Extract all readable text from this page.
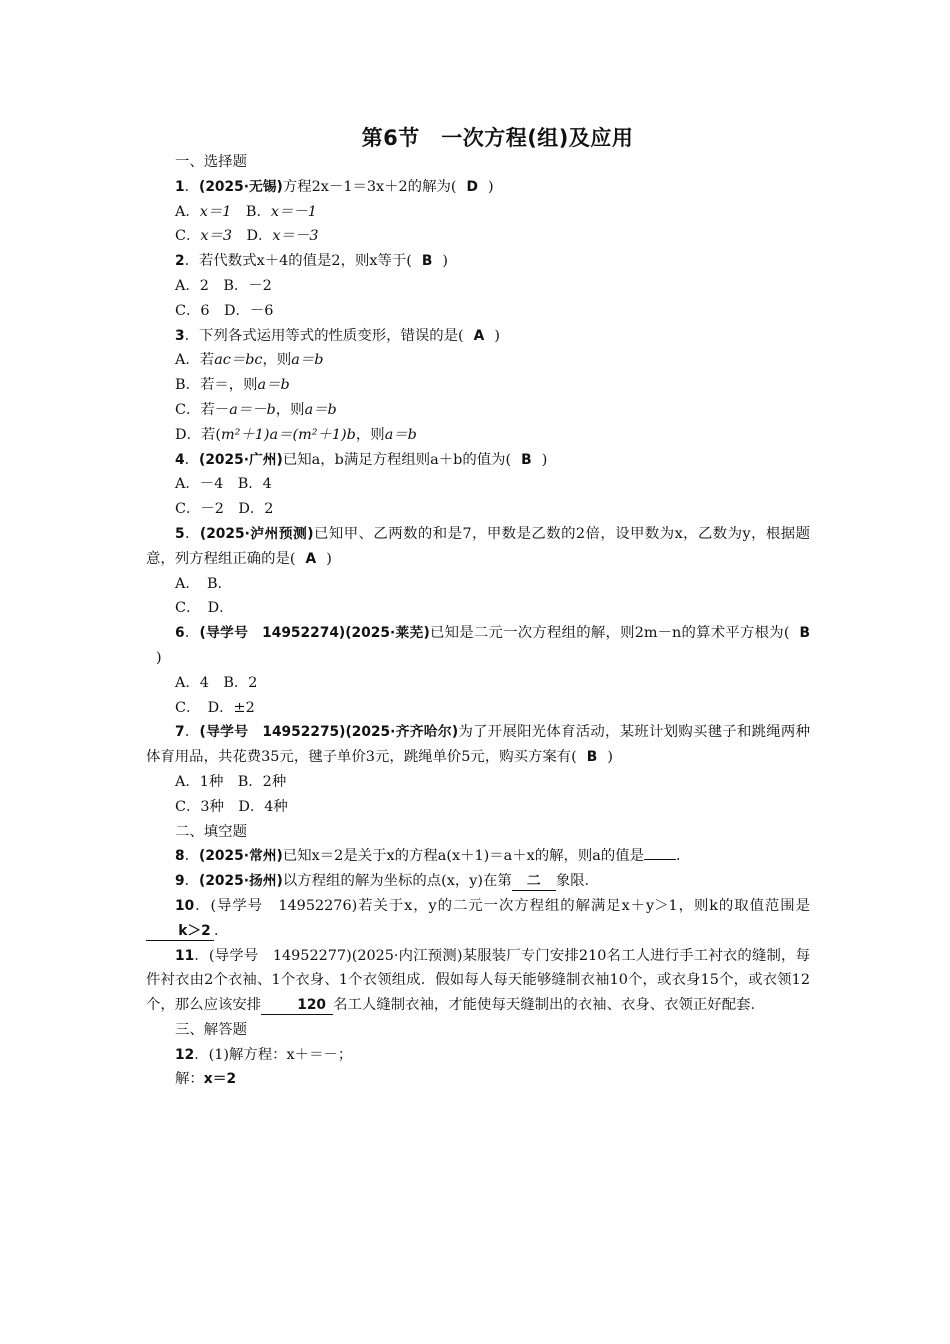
第6节　一次方程(组)及应用
一、选择题
1．(2025·无锡)方程2x－1＝3x＋2的解为( D )
A．x＝1　 B．x＝－1
C．x＝3　 D．x＝－3
2．若代数式x＋4的值是2，则x等于( B )
A．2　B．－2
C．6　D．－6
3．下列各式运用等式的性质变形，错误的是( A )
A．若ac＝bc，则a＝b
B．若＝，则a＝b
C．若－a＝－b，则a＝b
D．若(m²＋1)a＝(m²＋1)b，则a＝b
4．(2025·广州)已知a，b满足方程组则a＋b的值为( B )
A．－4　B．4
C．－2　D．2
5．(2025·泸州预测)已知甲、乙两数的和是7，甲数是乙数的2倍，设甲数为x，乙数为y，根据题意，列方程组正确的是( A )
A．　B．
C．　D．
6．(导学号　14952274)(2025·莱芜)已知是二元一次方程组的解，则2m－n的算术平方根为( B)
A．4　B．2
C．　D．±2
7．(导学号　14952275)(2025·齐齐哈尔)为了开展阳光体育活动，某班计划购买毽子和跳绳两种体育用品，共花费35元，毽子单价3元，跳绳单价5元，购买方案有( B )
A．1种　B．2种
C．3种　D．4种
二、填空题
8．(2025·常州)已知x＝2是关于x的方程a(x＋1)＝a＋x的解，则a的值是 ．
9．(2025·扬州)以方程组的解为坐标的点(x，y)在第 二 象限．
10．(导学号　14952276)若关于x，y的二元一次方程组的解满足x＋y＞1，则k的取值范围是k＞2 ．
11．(导学号　14952277)(2025·内江预测)某服装厂专门安排210名工人进行手工衬衣的缝制，每件衬衣由2个衣袖、1个衣身、1个衣领组成．假如每人每天能够缝制衣袖10个，或衣身15个，或衣领12个，那么应该安排	120 名工人缝制衣袖，才能使每天缝制出的衣袖、衣身、衣领正好配套．
三、解答题
12．(1)解方程：x＋＝－；
解：x＝2
